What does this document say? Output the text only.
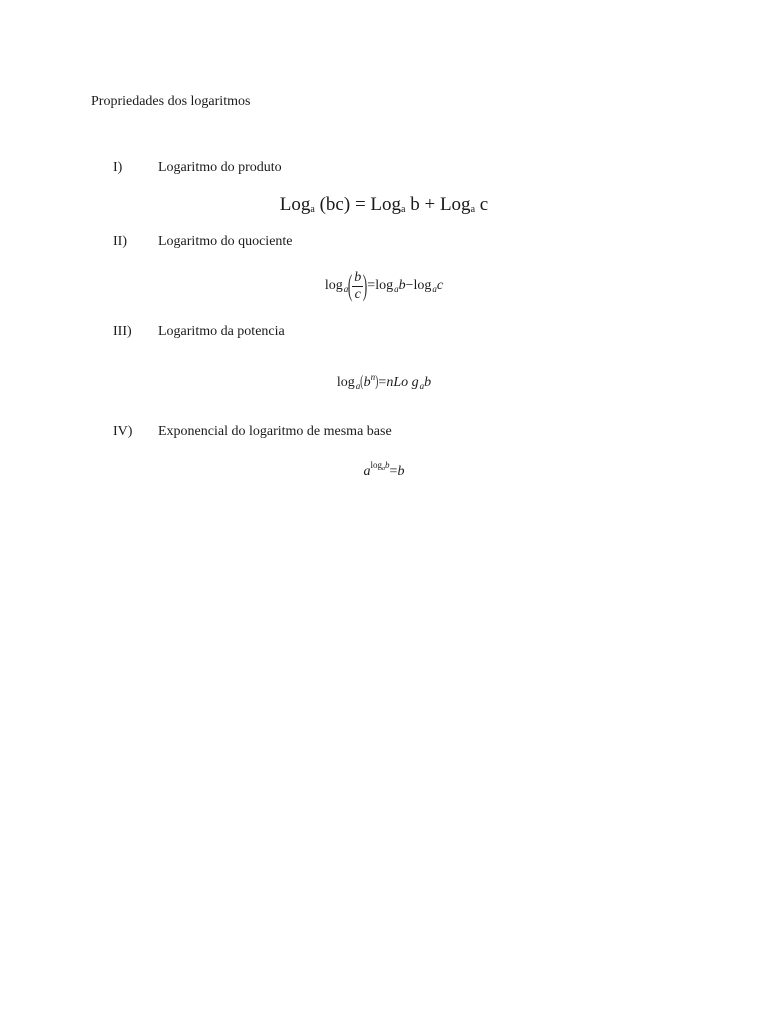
Propriedades dos logaritmos
I)	Logaritmo do produto
Log$_a$ (bc) = Log$_a$ b + Log$_a$ c
II) Logaritmo do quociente
log a ( $\frac{b}{c}$ ) = log a b − log a c
III) Logaritmo da potencia
$\log_a(b^n)=nLo$ $g_ab$
IV) Exponencial do logaritmo de mesma base
$a^{log_ab}=b$
